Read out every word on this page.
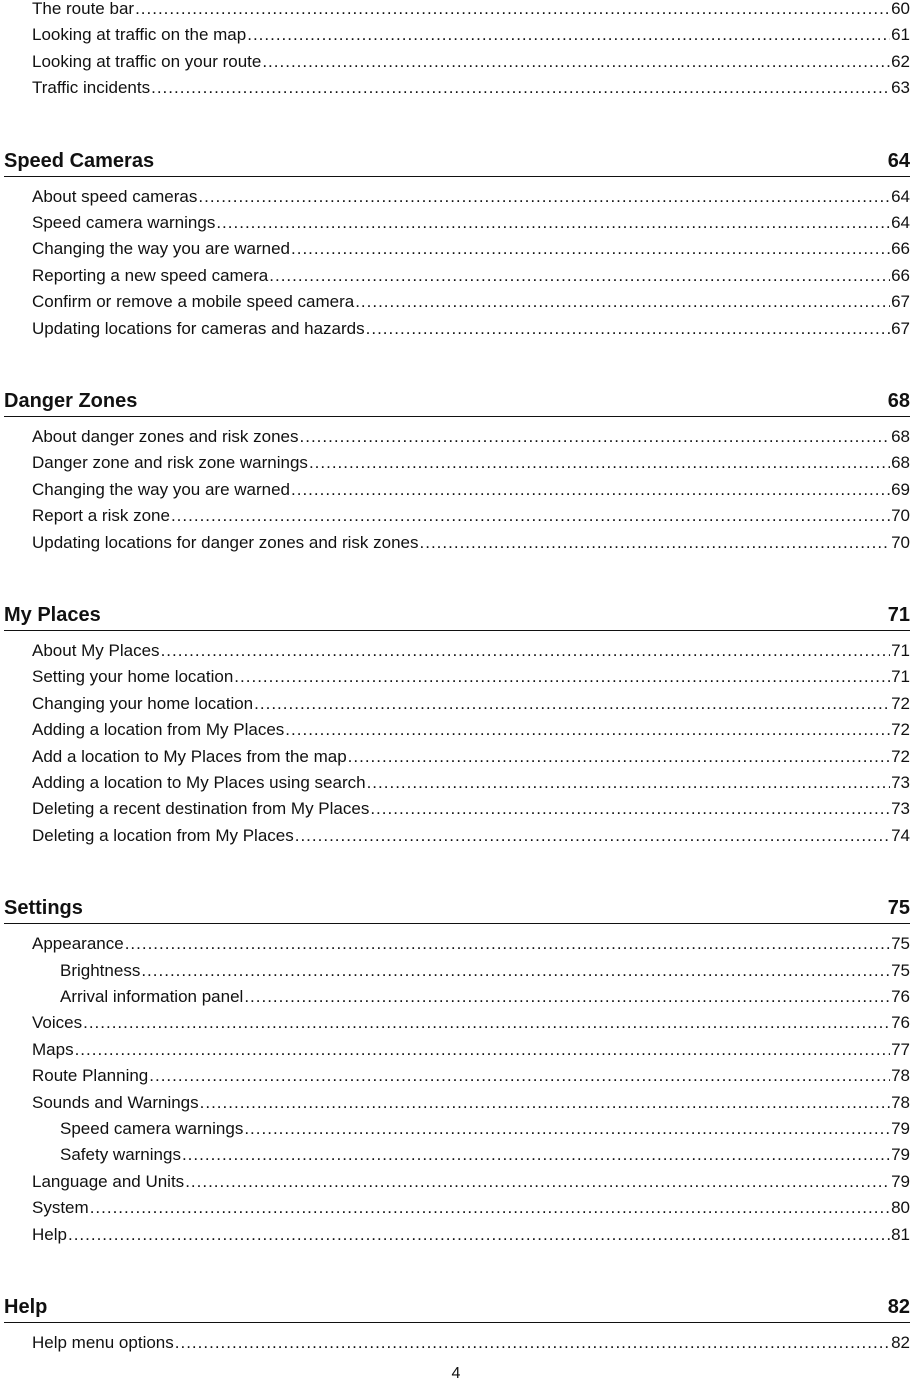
The route bar .....	60
Looking at traffic on the map .....	61
Looking at traffic on your route .....	62
Traffic incidents .....	63
Speed Cameras	64
About speed cameras .....	64
Speed camera warnings .....	64
Changing the way you are warned .....	66
Reporting a new speed camera .....	66
Confirm or remove a mobile speed camera .....	67
Updating locations for cameras and hazards .....	67
Danger Zones	68
About danger zones and risk zones .....	68
Danger zone and risk zone warnings .....	68
Changing the way you are warned .....	69
Report a risk zone .....	70
Updating locations for danger zones and risk zones .....	70
My Places	71
About My Places .....	71
Setting your home location .....	71
Changing your home location .....	72
Adding a location from My Places .....	72
Add a location to My Places from the map .....	72
Adding a location to My Places using search .....	73
Deleting a recent destination from My Places .....	73
Deleting a location from My Places .....	74
Settings	75
Appearance .....	75
Brightness .....	75
Arrival information panel .....	76
Voices .....	76
Maps .....	77
Route Planning .....	78
Sounds and Warnings .....	78
Speed camera warnings .....	79
Safety warnings .....	79
Language and Units .....	79
System .....	80
Help .....	81
Help	82
Help menu options .....	82
4
